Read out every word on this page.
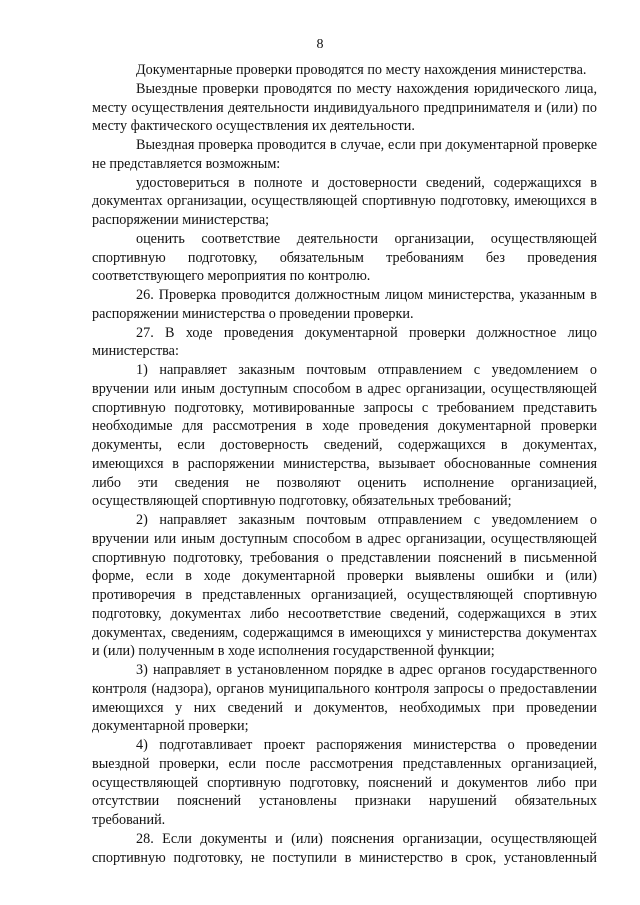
8

Документарные проверки проводятся по месту нахождения министерства.

Выездные проверки проводятся по месту нахождения юридического лица, месту осуществления деятельности индивидуального предпринимателя и (или) по месту фактического осуществления их деятельности.

Выездная проверка проводится в случае, если при документарной проверке не представляется возможным:

удостовериться в полноте и достоверности сведений, содержащихся в документах организации, осуществляющей спортивную подготовку, имеющихся в распоряжении министерства;

оценить соответствие деятельности организации, осуществляющей спортивную подготовку, обязательным требованиям без проведения соответствующего мероприятия по контролю.

26. Проверка проводится должностным лицом министерства, указанным в распоряжении министерства о проведении проверки.

27. В ходе проведения документарной проверки должностное лицо министерства:

1) направляет заказным почтовым отправлением с уведомлением о вручении или иным доступным способом в адрес организации, осуществляющей спортивную подготовку, мотивированные запросы с требованием представить необходимые для рассмотрения в ходе проведения документарной проверки документы, если достоверность сведений, содержащихся в документах, имеющихся в распоряжении министерства, вызывает обоснованные сомнения либо эти сведения не позволяют оценить исполнение организацией, осуществляющей спортивную подготовку, обязательных требований;

2) направляет заказным почтовым отправлением с уведомлением о вручении или иным доступным способом в адрес организации, осуществляющей спортивную подготовку, требования о представлении пояснений в письменной форме, если в ходе документарной проверки выявлены ошибки и (или) противоречия в представленных организацией, осуществляющей спортивную подготовку, документах либо несоответствие сведений, содержащихся в этих документах, сведениям, содержащимся в имеющихся у министерства документах и (или) полученным в ходе исполнения государственной функции;

3) направляет в установленном порядке в адрес органов государственного контроля (надзора), органов муниципального контроля запросы о предоставлении имеющихся у них сведений и документов, необходимых при проведении документарной проверки;

4) подготавливает проект распоряжения министерства о проведении выездной проверки, если после рассмотрения представленных организацией, осуществляющей спортивную подготовку, пояснений и документов либо при отсутствии пояснений установлены признаки нарушений обязательных требований.

28. Если документы и (или) пояснения организации, осуществляющей спортивную подготовку, не поступили в министерство в срок, установленный
